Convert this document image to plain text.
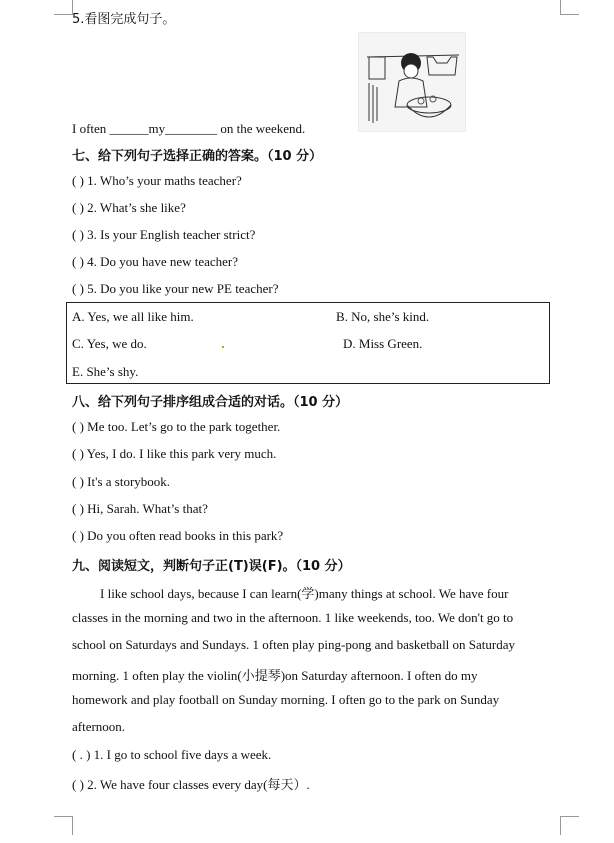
5.看图完成句子。
I often ______my________ on the weekend.
七、给下列句子选择正确的答案。（10 分）
( ) 1. Who’s your maths teacher?
( ) 2. What’s she like?
( ) 3. Is your English teacher strict?
( ) 4. Do you have new teacher?
( ) 5. Do you like your new PE teacher?
A. Yes, we all like him.	B. No, she’s kind.
C. Yes, we do.	D. Miss Green.
E. She’s shy.
八、给下列句子排序组成合适的对话。（10 分）
( ) Me too. Let’s go to the park together.
( ) Yes, I do. I like this park very much.
( ) It's a storybook.
( ) Hi, Sarah. What’s that?
( ) Do you often read books in this park?
九、阅读短文，判断句子正(T)误(F)。（10 分）
I like school days, because I can learn(学)many things at school. We have four
classes in the morning and two in the afternoon. 1 like weekends, too. We don't go to
school on Saturdays and Sundays. 1 often play ping-pong and basketball on Saturday
morning. 1 often play the violin(小提琴)on Saturday afternoon. I often do my
homework and play football on Sunday morning. I often go to the park on Sunday
afternoon.
( . ) 1. I go to school five days a week.
( ) 2. We have four classes every day(每天）.
